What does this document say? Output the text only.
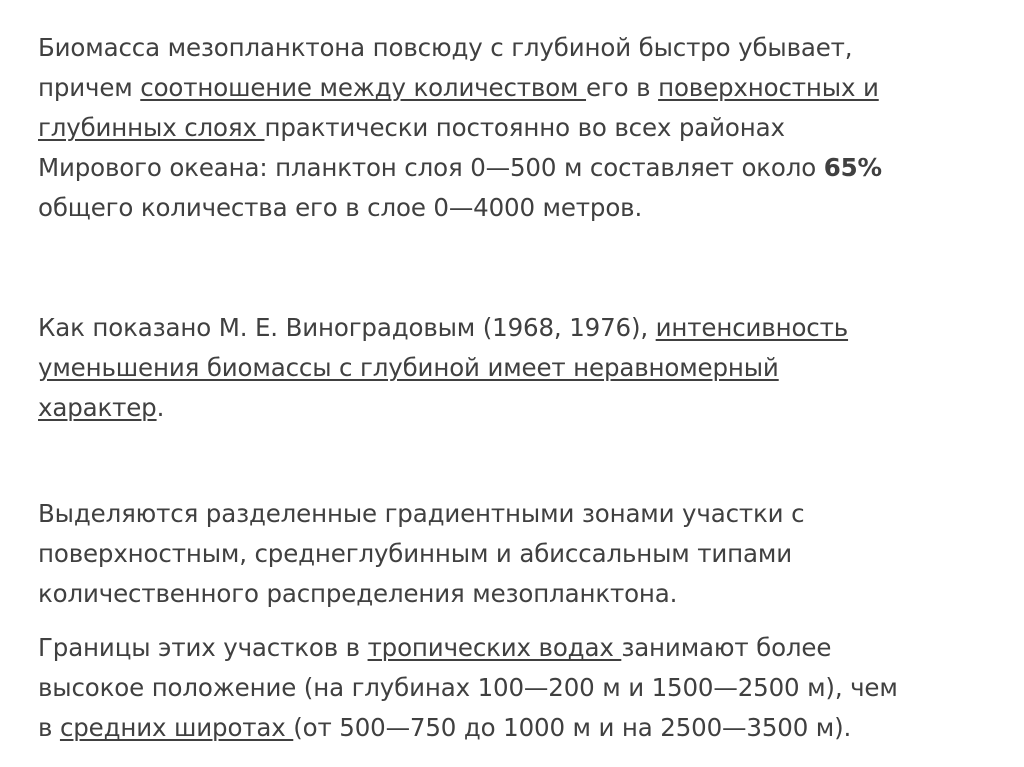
Биомасса мезопланктона повсюду с глубиной быстро убывает,
причем соотношение между количеством его в поверхностных и
глубинных слоях практически постоянно во всех районах
Мирового океана: планктон слоя 0—500 м составляет около 65%
общего количества его в слое 0—4000 метров.

Как показано М. Е. Виноградовым (1968, 1976), интенсивность
уменьшения биомассы с глубиной имеет неравномерный
характер.

Выделяются разделенные градиентными зонами участки с
поверхностным, среднеглубинным и абиссальным типами
количественного распределения мезопланктона.

Границы этих участков в тропических водах занимают более
высокое положение (на глубинах 100—200 м и 1500—2500 м), чем
в средних широтах (от 500—750 до 1000 м и на 2500—3500 м).
